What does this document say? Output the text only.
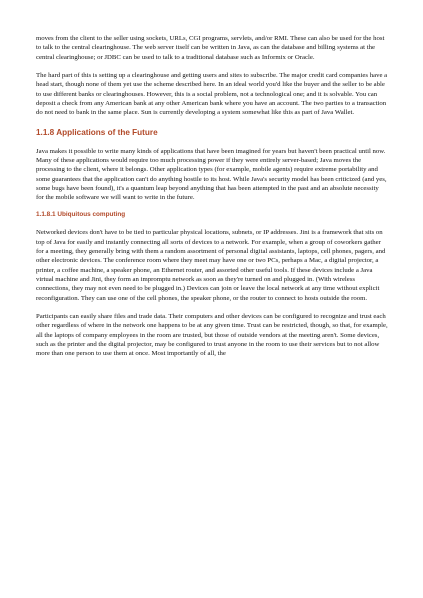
moves from the client to the seller using sockets, URLs, CGI programs, servlets, and/or RMI. These can also be used for the host to talk to the central clearinghouse. The web server itself can be written in Java, as can the database and billing systems at the central clearinghouse; or JDBC can be used to talk to a traditional database such as Informix or Oracle.

The hard part of this is setting up a clearinghouse and getting users and sites to subscribe. The major credit card companies have a head start, though none of them yet use the scheme described here. In an ideal world you'd like the buyer and the seller to be able to use different banks or clearinghouses. However, this is a social problem, not a technological one; and it is solvable. You can deposit a check from any American bank at any other American bank where you have an account. The two parties to a transaction do not need to bank in the same place. Sun is currently developing a system somewhat like this as part of Java Wallet.

1.1.8 Applications of the Future

Java makes it possible to write many kinds of applications that have been imagined for years but haven't been practical until now. Many of these applications would require too much processing power if they were entirely server-based; Java moves the processing to the client, where it belongs. Other application types (for example, mobile agents) require extreme portability and some guarantees that the application can't do anything hostile to its host. While Java's security model has been criticized (and yes, some bugs have been found), it's a quantum leap beyond anything that has been attempted in the past and an absolute necessity for the mobile software we will want to write in the future.

1.1.8.1 Ubiquitous computing

Networked devices don't have to be tied to particular physical locations, subnets, or IP addresses. Jini is a framework that sits on top of Java for easily and instantly connecting all sorts of devices to a network. For example, when a group of coworkers gather for a meeting, they generally bring with them a random assortment of personal digital assistants, laptops, cell phones, pagers, and other electronic devices. The conference room where they meet may have one or two PCs, perhaps a Mac, a digital projector, a printer, a coffee machine, a speaker phone, an Ethernet router, and assorted other useful tools. If these devices include a Java virtual machine and Jini, they form an impromptu network as soon as they're turned on and plugged in. (With wireless connections, they may not even need to be plugged in.) Devices can join or leave the local network at any time without explicit reconfiguration. They can use one of the cell phones, the speaker phone, or the router to connect to hosts outside the room.

Participants can easily share files and trade data. Their computers and other devices can be configured to recognize and trust each other regardless of where in the network one happens to be at any given time. Trust can be restricted, though, so that, for example, all the laptops of company employees in the room are trusted, but those of outside vendors at the meeting aren't. Some devices, such as the printer and the digital projector, may be configured to trust anyone in the room to use their services but to not allow more than one person to use them at once. Most importantly of all, the
